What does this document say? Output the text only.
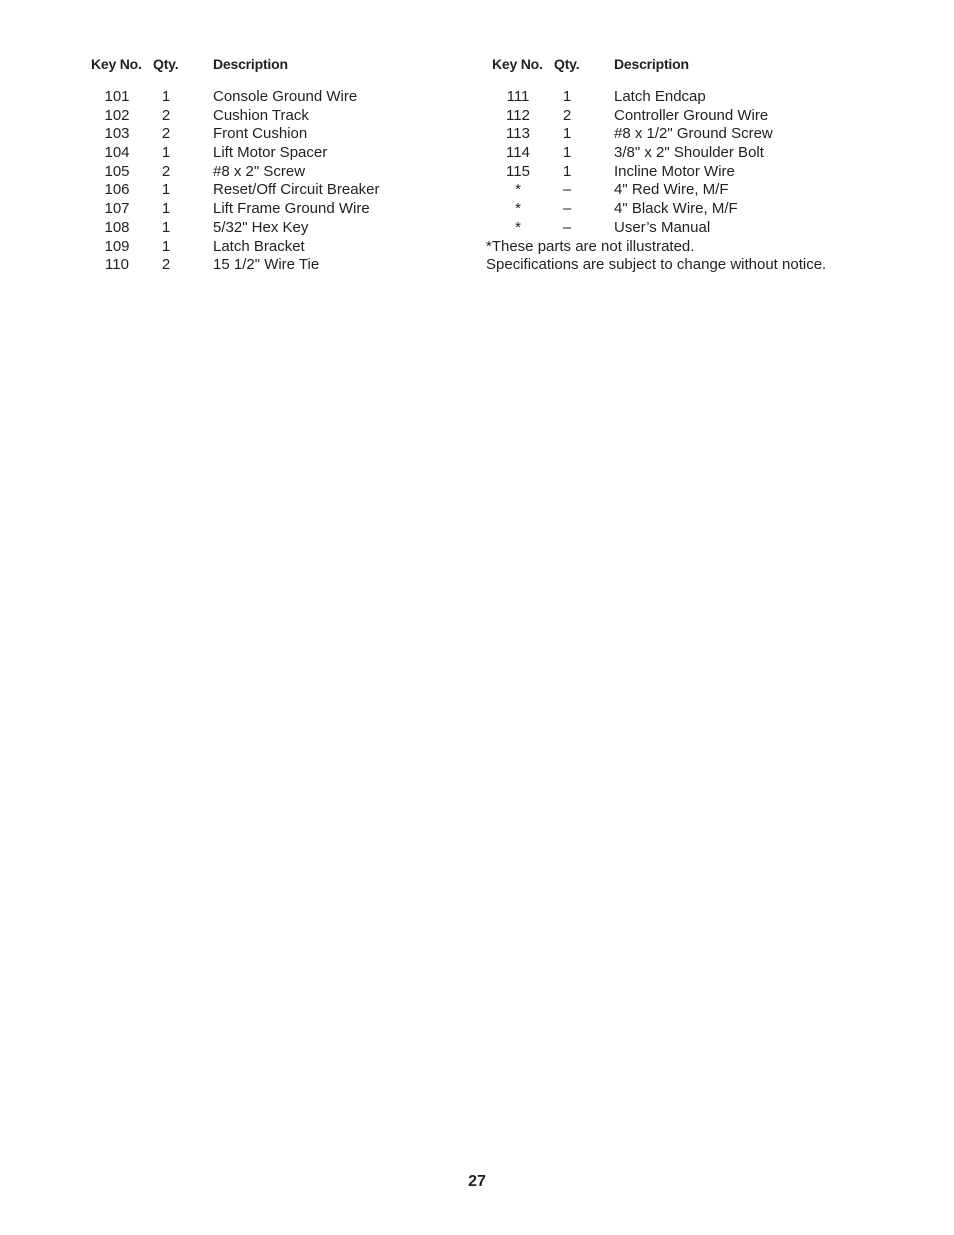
Key No. Qty. Description
101	1	Console Ground Wire
102	2	Cushion Track
103	2	Front Cushion
104	1	Lift Motor Spacer
105	2	#8 x 2" Screw
106	1	Reset/Off Circuit Breaker
107	1	Lift Frame Ground Wire
108	1	5/32" Hex Key
109	1	Latch Bracket
110	2	15 1/2" Wire Tie
Key No. Qty. Description
111	1	Latch Endcap
112	2	Controller Ground Wire
113	1	#8 x 1/2" Ground Screw
114	1	3/8" x 2" Shoulder Bolt
115	1	Incline Motor Wire
*	–	4" Red Wire, M/F
*	–	4" Black Wire, M/F
*	–	User’s Manual
*These parts are not illustrated.
Specifications are subject to change without notice.
27
